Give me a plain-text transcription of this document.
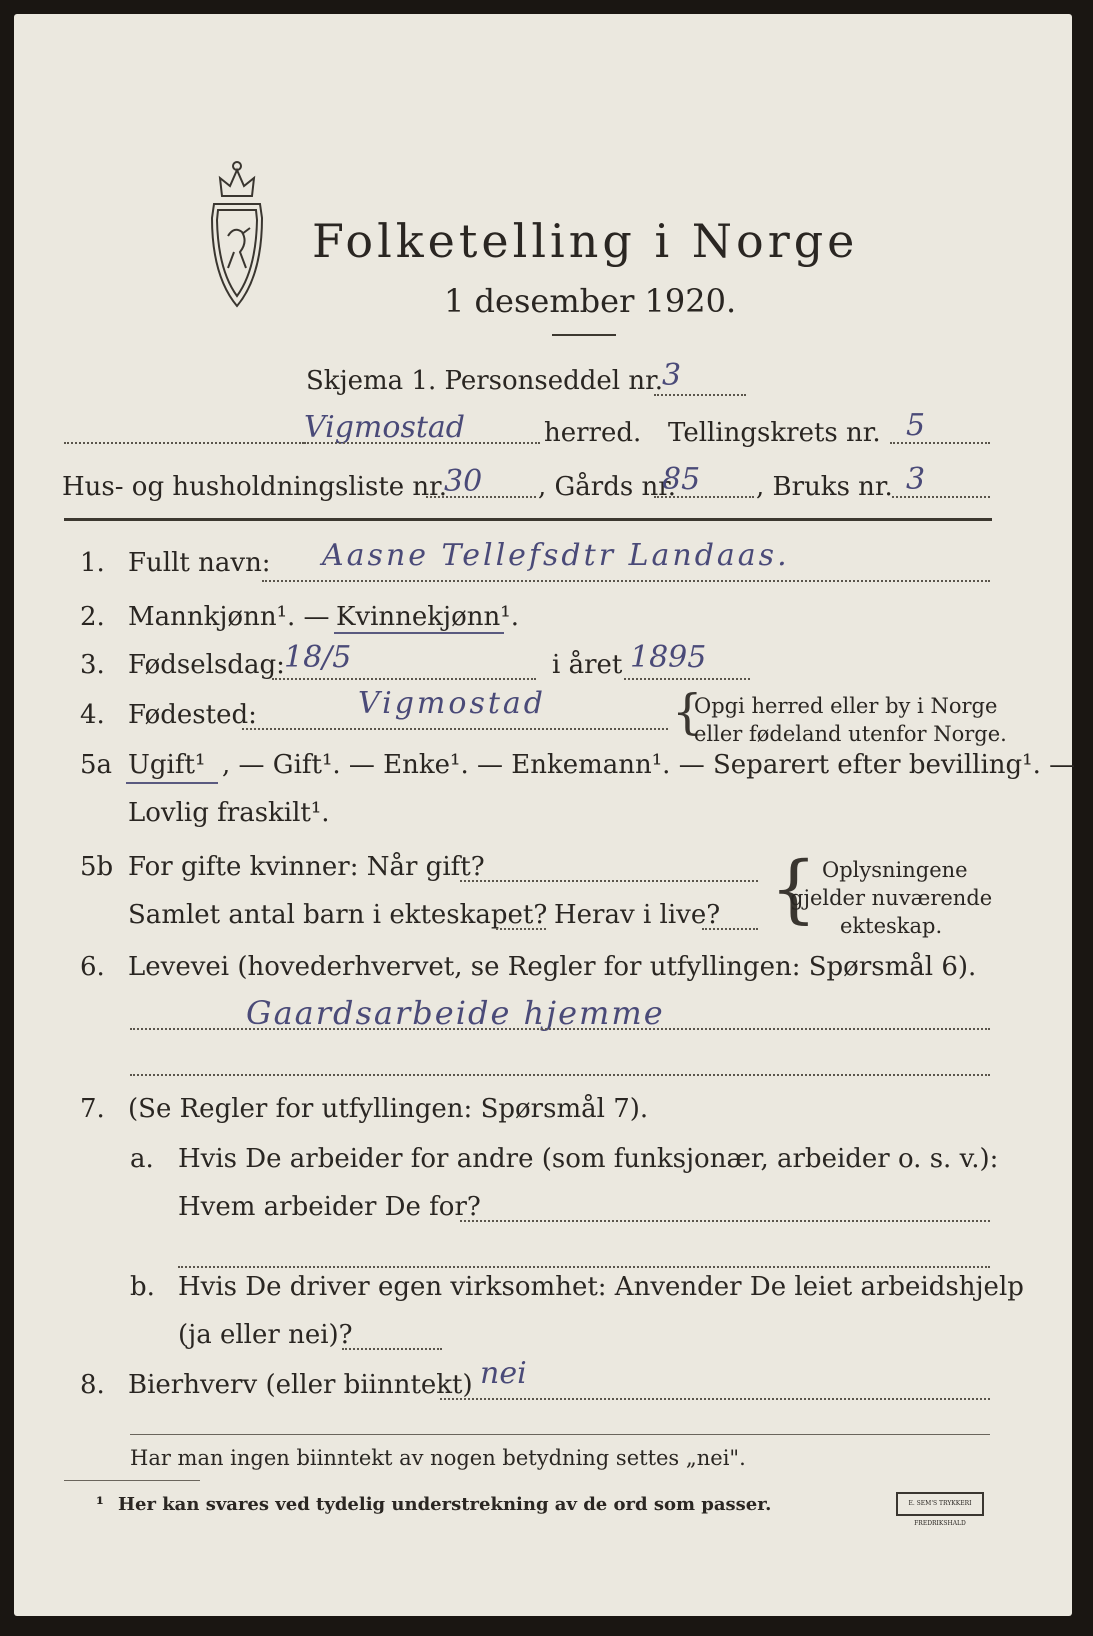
Folketelling i Norge
1 desember 1920.
Skjema 1. Personseddel nr. 3
Vigmostad	herred. Tellingskrets nr. 5
Hus- og husholdningsliste nr.
30 , Gårds nr.
85 , Bruks nr. 3
1. Fullt navn: Aasne Tellefsdtr Landaas.
2. Mannkjønn¹. — Kvinnekjønn¹.
3. Fødselsdag: 18/5	i året 1895
4. Fødested:	Vigmostad	{
Opgi herred eller by i Norge
eller fødeland utenfor Norge.
5a Ugift¹ , — Gift¹. — Enke¹. — Enkemann¹. — Separert efter bevilling¹. —
Lovlig fraskilt¹.
5b For gifte kvinner: Når gift?
Samlet antal barn i ekteskapet? Herav i live? { Oplysningene
gjelder nuværende
ekteskap.
6. Levevei (hovederhvervet, se Regler for utfyllingen: Spørsmål 6).
Gaardsarbeide hjemme
7. (Se Regler for utfyllingen: Spørsmål 7).
a. Hvis De arbeider for andre (som funksjonær, arbeider o. s. v.):
Hvem arbeider De for?
b. Hvis De driver egen virksomhet: Anvender De leiet arbeidshjelp
(ja eller nei)?
8. Bierhverv (eller biinntekt) nei
Har man ingen biinntekt av nogen betydning settes „nei".
¹ Her kan svares ved tydelig understrekning av de ord som passer.	E. SEM'S TRYKKERI FREDRIKSHALD
